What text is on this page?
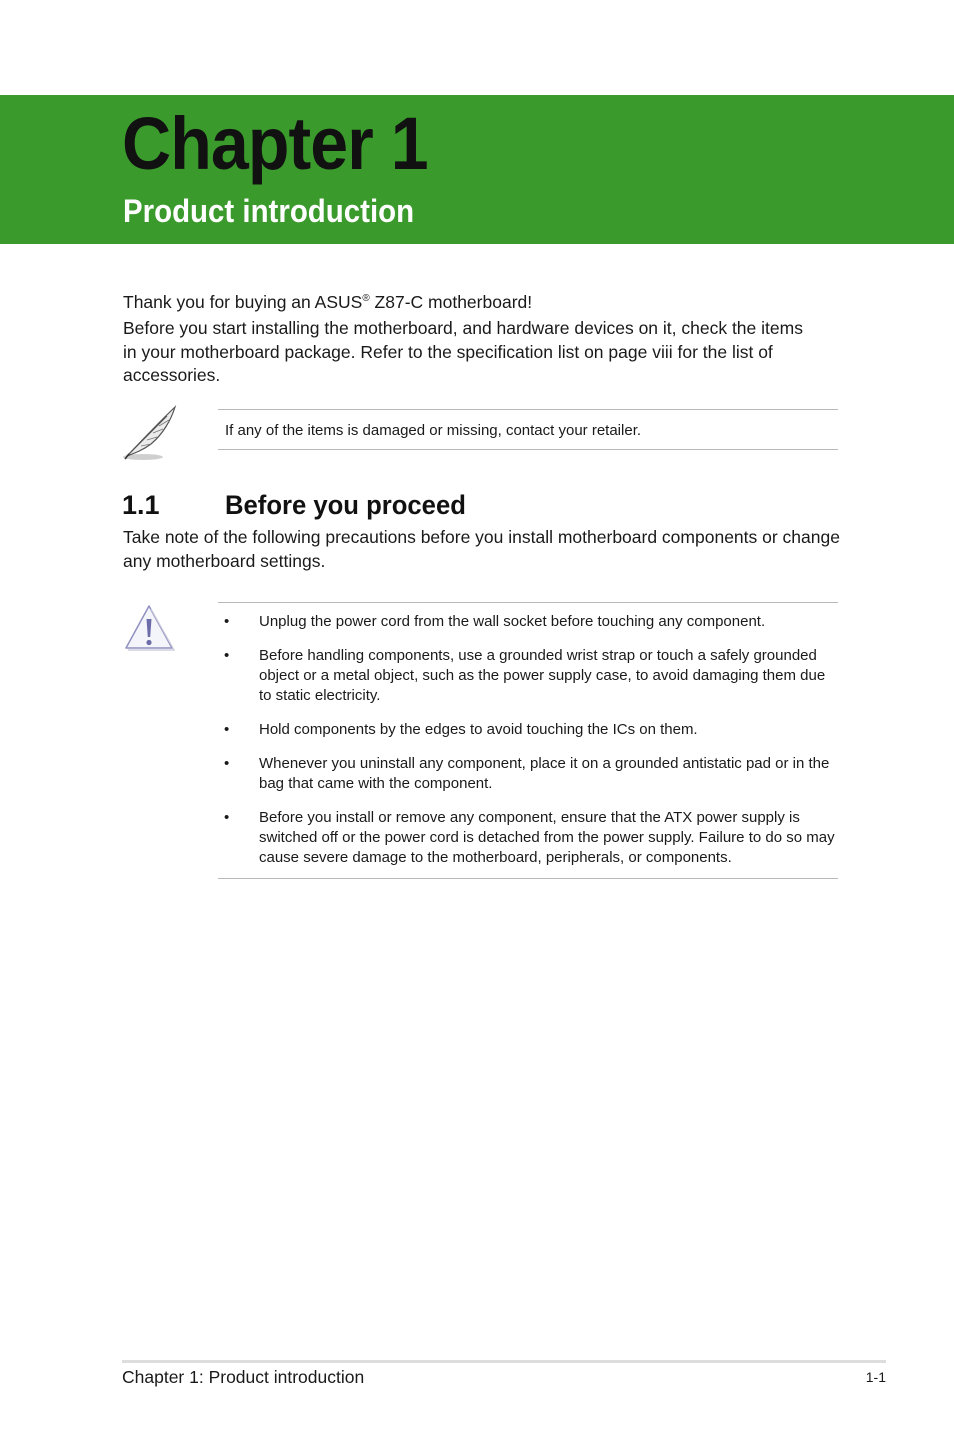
Chapter 1
Product introduction

Thank you for buying an ASUS® Z87-C motherboard!

Before you start installing the motherboard, and hardware devices on it, check the items in your motherboard package. Refer to the specification list on page viii for the list of accessories.

If any of the items is damaged or missing, contact your retailer.

1.1 Before you proceed

Take note of the following precautions before you install motherboard components or change any motherboard settings.

• Unplug the power cord from the wall socket before touching any component.
• Before handling components, use a grounded wrist strap or touch a safely grounded object or a metal object, such as the power supply case, to avoid damaging them due to static electricity.
• Hold components by the edges to avoid touching the ICs on them.
• Whenever you uninstall any component, place it on a grounded antistatic pad or in the bag that came with the component.
• Before you install or remove any component, ensure that the ATX power supply is switched off or the power cord is detached from the power supply. Failure to do so may cause severe damage to the motherboard, peripherals, or components.

Chapter 1: Product introduction	1-1
